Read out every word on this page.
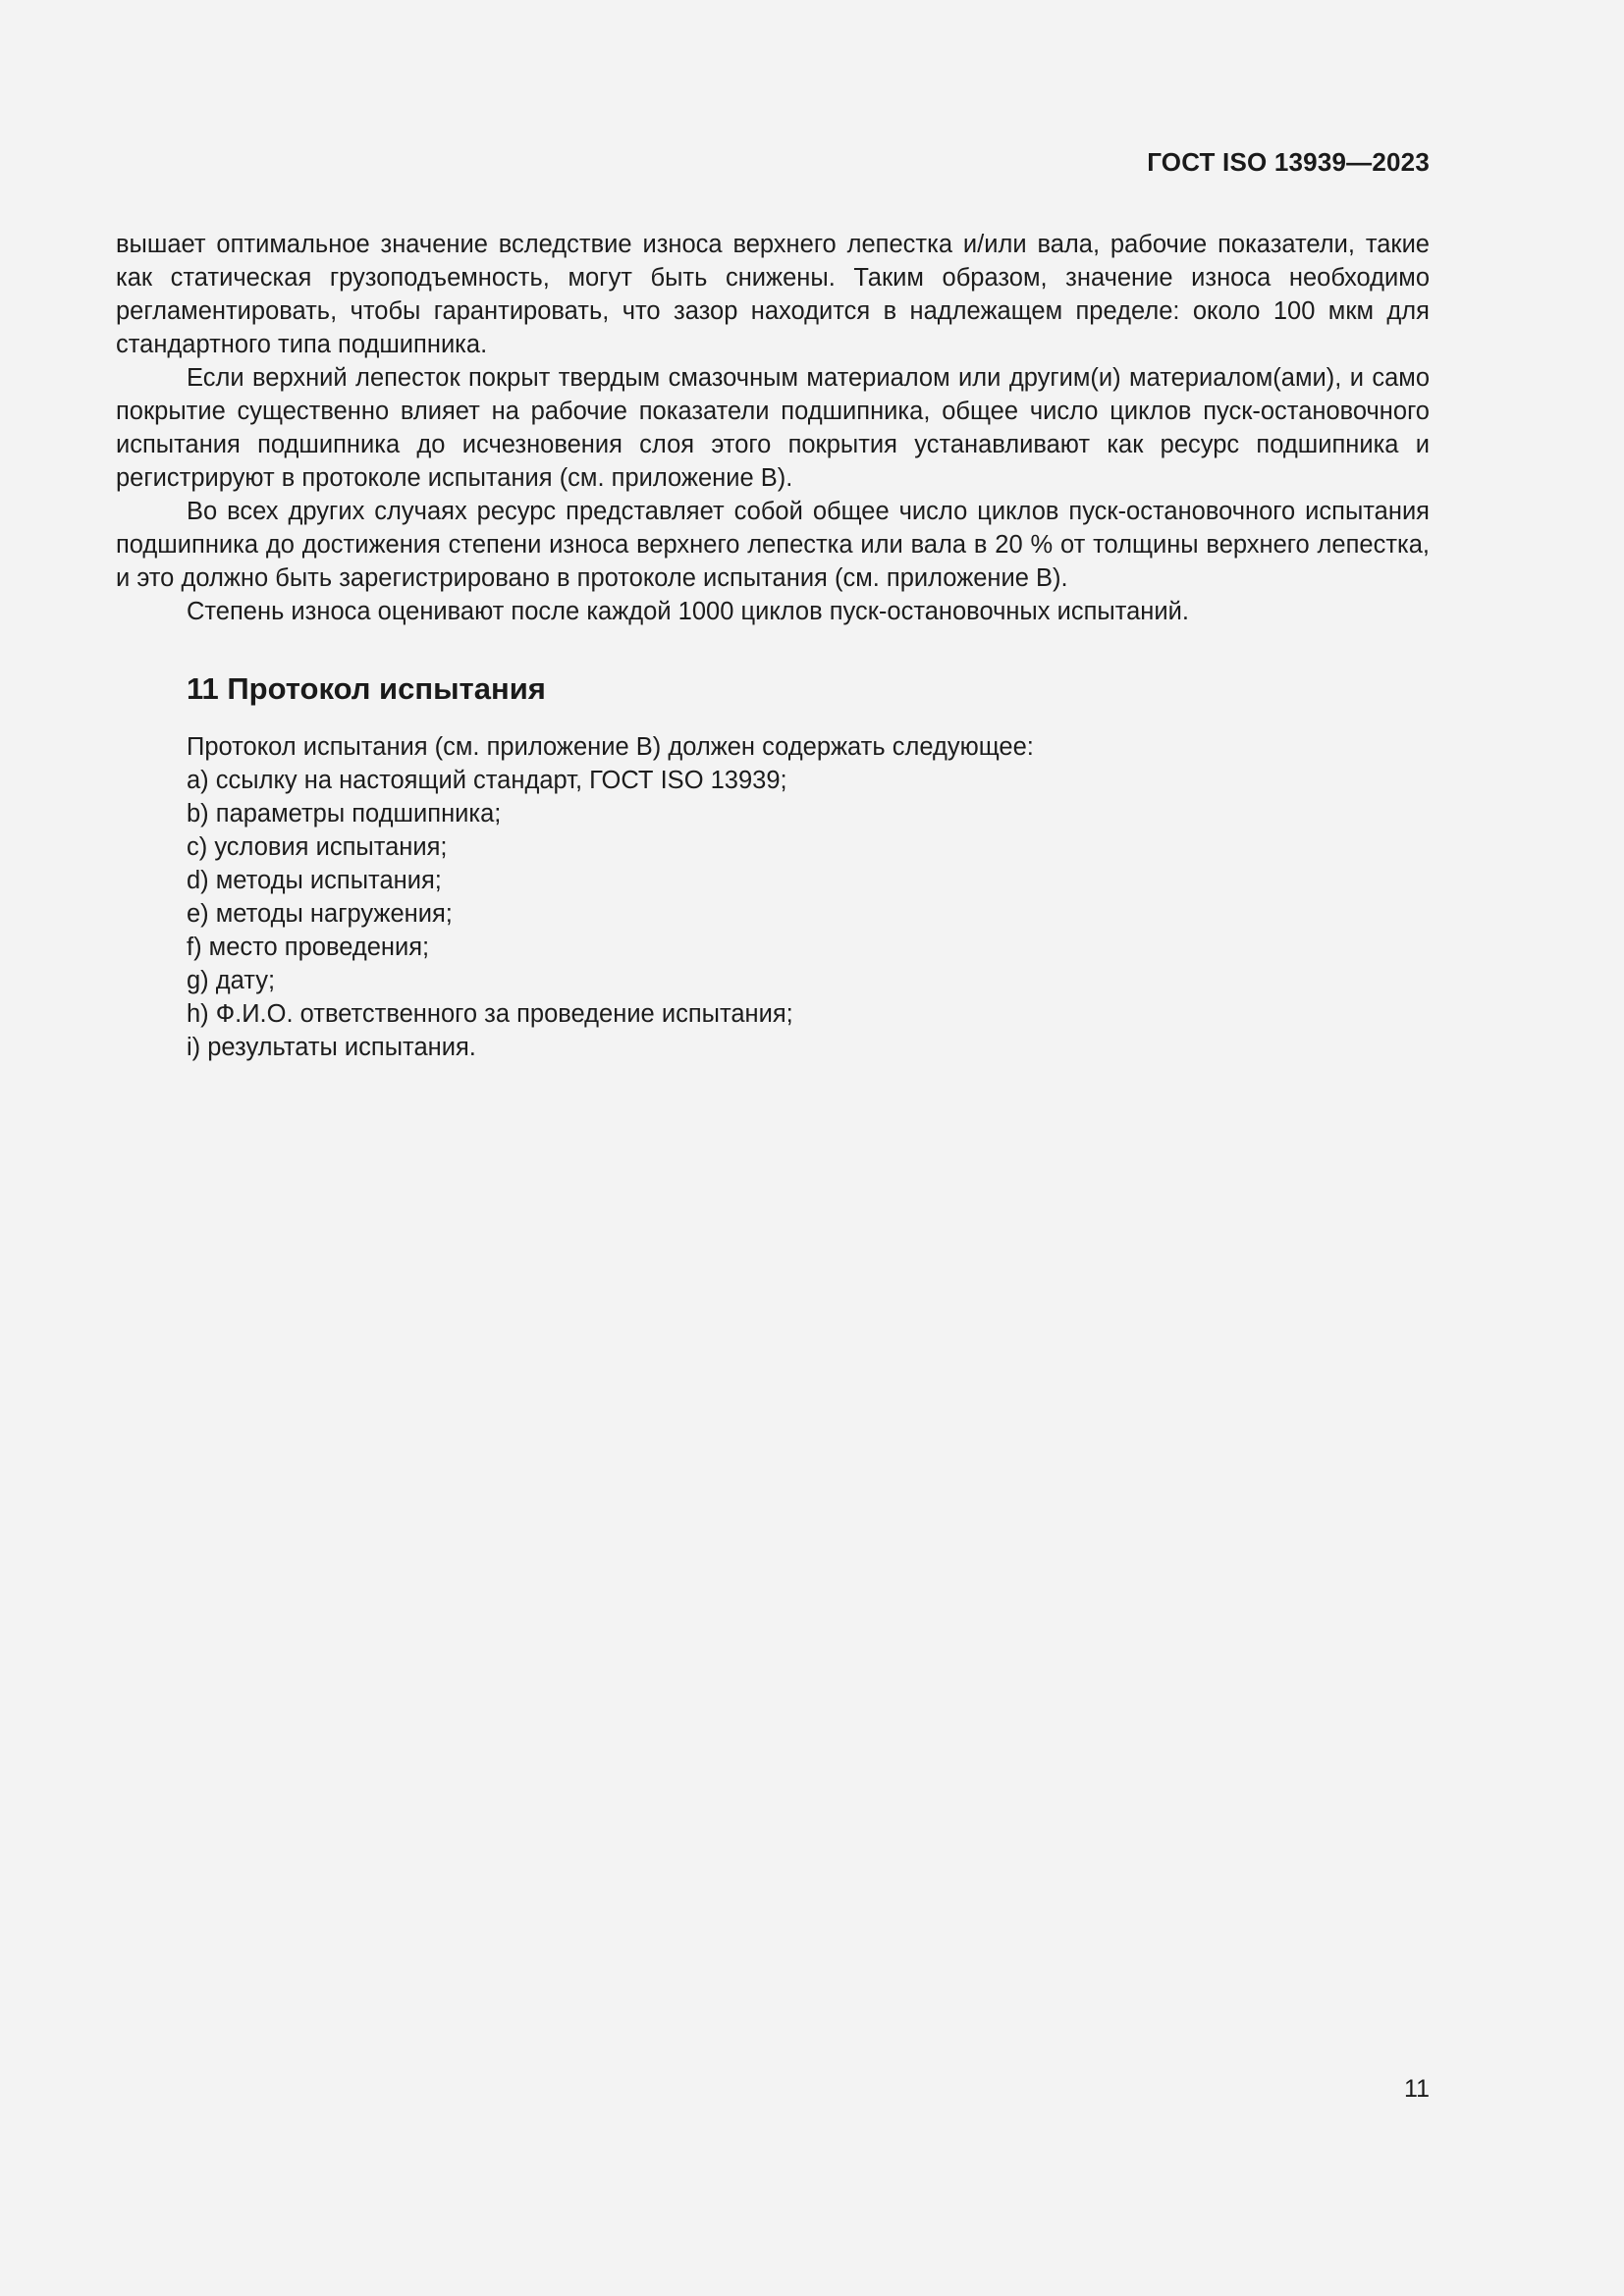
ГОСТ ISO 13939—2023

вышает оптимальное значение вследствие износа верхнего лепестка и/или вала, рабочие показатели, такие как статическая грузоподъемность, могут быть снижены. Таким образом, значение износа необходимо регламентировать, чтобы гарантировать, что зазор находится в надлежащем пределе: около 100 мкм для стандартного типа подшипника.

Если верхний лепесток покрыт твердым смазочным материалом или другим(и) материалом(ами), и само покрытие существенно влияет на рабочие показатели подшипника, общее число циклов пуск-остановочного испытания подшипника до исчезновения слоя этого покрытия устанавливают как ресурс подшипника и регистрируют в протоколе испытания (см. приложение В).

Во всех других случаях ресурс представляет собой общее число циклов пуск-остановочного испытания подшипника до достижения степени износа верхнего лепестка или вала в 20 % от толщины верхнего лепестка, и это должно быть зарегистрировано в протоколе испытания (см. приложение В).

Степень износа оценивают после каждой 1000 циклов пуск-остановочных испытаний.

11 Протокол испытания

Протокол испытания (см. приложение В) должен содержать следующее:

a) ссылку на настоящий стандарт, ГОСТ ISO 13939;
b) параметры подшипника;
c) условия испытания;
d) методы испытания;
e) методы нагружения;
f) место проведения;
g) дату;
h) Ф.И.О. ответственного за проведение испытания;
i) результаты испытания.
11
